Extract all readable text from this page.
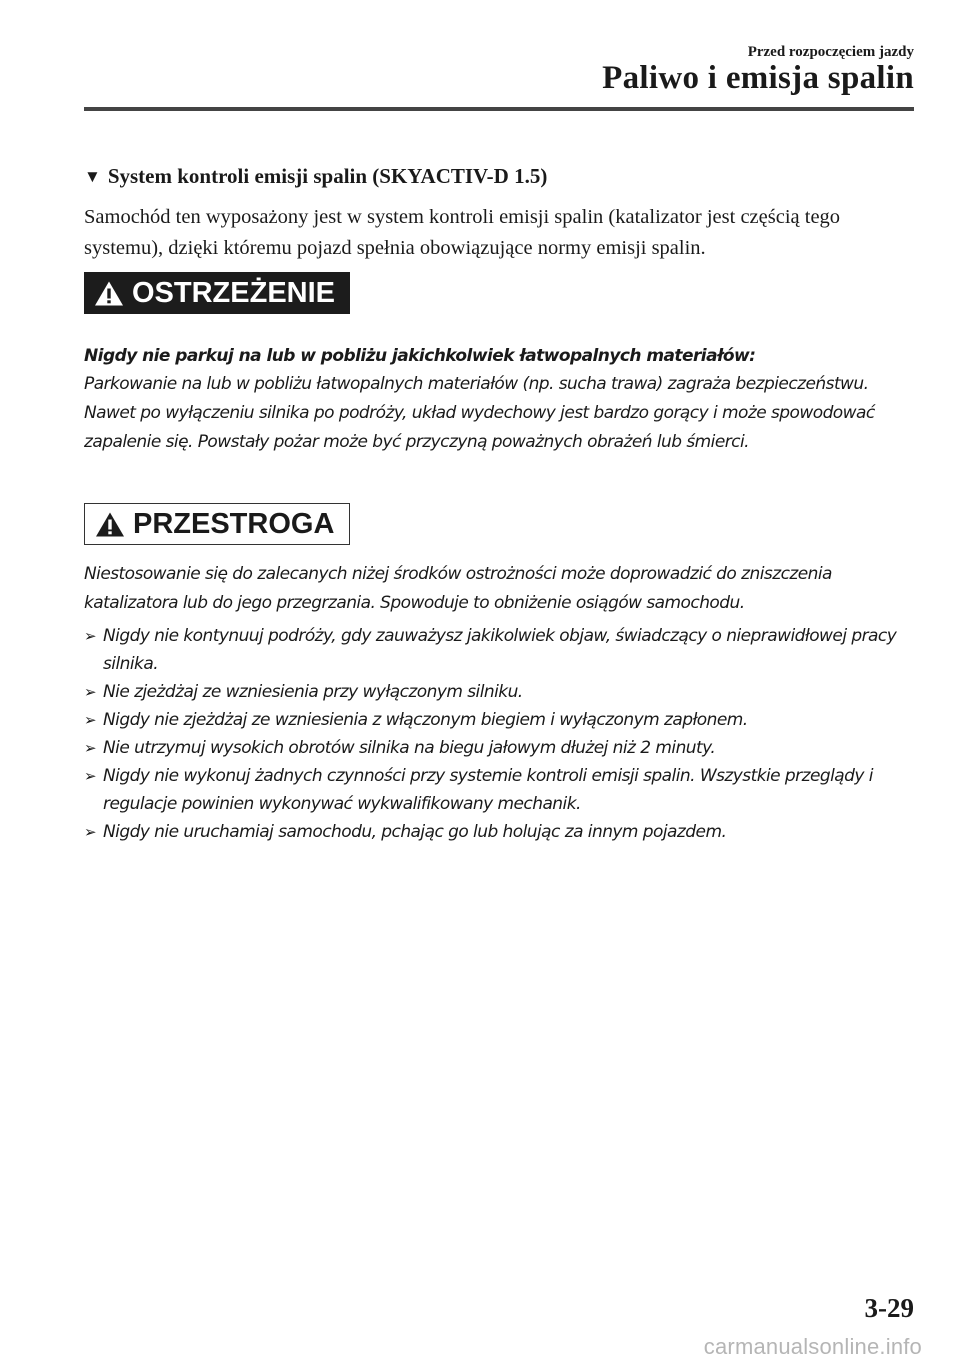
Przed rozpoczęciem jazdy
Paliwo i emisja spalin
▼ System kontroli emisji spalin (SKYACTIV-D 1.5)
Samochód ten wyposażony jest w system kontroli emisji spalin (katalizator jest częścią tego systemu), dzięki któremu pojazd spełnia obowiązujące normy emisji spalin.
OSTRZEŻENIE
Nigdy nie parkuj na lub w pobliżu jakichkolwiek łatwopalnych materiałów:
Parkowanie na lub w pobliżu łatwopalnych materiałów (np. sucha trawa) zagraża bezpieczeństwu. Nawet po wyłączeniu silnika po podróży, układ wydechowy jest bardzo gorący i może spowodować zapalenie się. Powstały pożar może być przyczyną poważnych obrażeń lub śmierci.
PRZESTROGA
Niestosowanie się do zalecanych niżej środków ostrożności może doprowadzić do zniszczenia katalizatora lub do jego przegrzania. Spowoduje to obniżenie osiągów samochodu.
➢ Nigdy nie kontynuuj podróży, gdy zauważysz jakikolwiek objaw, świadczący o nieprawidłowej pracy silnika.
➢ Nie zjeżdżaj ze wzniesienia przy wyłączonym silniku.
➢ Nigdy nie zjeżdżaj ze wzniesienia z włączonym biegiem i wyłączonym zapłonem.
➢ Nie utrzymuj wysokich obrotów silnika na biegu jałowym dłużej niż 2 minuty.
➢ Nigdy nie wykonuj żadnych czynności przy systemie kontroli emisji spalin. Wszystkie przeglądy i regulacje powinien wykonywać wykwalifikowany mechanik.
➢ Nigdy nie uruchamiaj samochodu, pchając go lub holując za innym pojazdem.
3-29
carmanualsonline.info
